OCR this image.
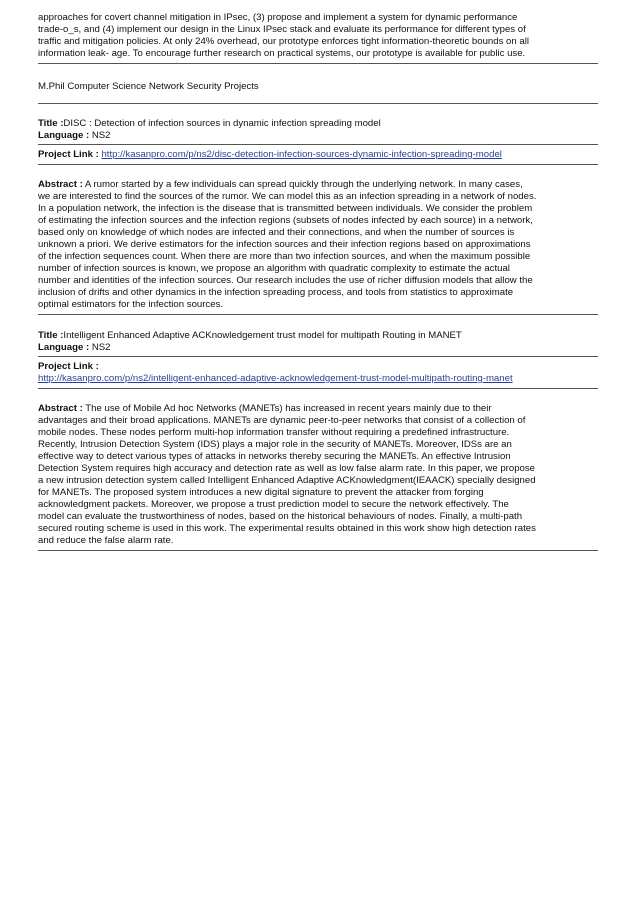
approaches for covert channel mitigation in IPsec, (3) propose and implement a system for dynamic performance
trade-o_s, and (4) implement our design in the Linux IPsec stack and evaluate its performance for different types of
traffic and mitigation policies. At only 24% overhead, our prototype enforces tight information-theoretic bounds on all
information leak- age. To encourage further research on practical systems, our prototype is available for public use.

M.Phil Computer Science Network Security Projects

Title :DISC : Detection of infection sources in dynamic infection spreading model
Language : NS2
Project Link : http://kasanpro.com/p/ns2/disc-detection-infection-sources-dynamic-infection-spreading-model

Abstract : A rumor started by a few individuals can spread quickly through the underlying network. In many cases,
we are interested to find the sources of the rumor. We can model this as an infection spreading in a network of nodes.
In a population network, the infection is the disease that is transmitted between individuals. We consider the problem
of estimating the infection sources and the infection regions (subsets of nodes infected by each source) in a network,
based only on knowledge of which nodes are infected and their connections, and when the number of sources is
unknown a priori. We derive estimators for the infection sources and their infection regions based on approximations
of the infection sequences count. When there are more than two infection sources, and when the maximum possible
number of infection sources is known, we propose an algorithm with quadratic complexity to estimate the actual
number and identities of the infection sources. Our research includes the use of richer diffusion models that allow the
inclusion of drifts and other dynamics in the infection spreading process, and tools from statistics to approximate
optimal estimators for the infection sources.

Title :Intelligent Enhanced Adaptive ACKnowledgement trust model for multipath Routing in MANET
Language : NS2
Project Link :
http://kasanpro.com/p/ns2/intelligent-enhanced-adaptive-acknowledgement-trust-model-multipath-routing-manet

Abstract : The use of Mobile Ad hoc Networks (MANETs) has increased in recent years mainly due to their
advantages and their broad applications. MANETs are dynamic peer-to-peer networks that consist of a collection of
mobile nodes. These nodes perform multi-hop information transfer without requiring a predefined infrastructure.
Recently, Intrusion Detection System (IDS) plays a major role in the security of MANETs. Moreover, IDSs are an
effective way to detect various types of attacks in networks thereby securing the MANETs. An effective Intrusion
Detection System requires high accuracy and detection rate as well as low false alarm rate. In this paper, we propose
a new intrusion detection system called Intelligent Enhanced Adaptive ACKnowledgment(IEAACK) specially designed
for MANETs. The proposed system introduces a new digital signature to prevent the attacker from forging
acknowledgment packets. Moreover, we propose a trust prediction model to secure the network effectively. The
model can evaluate the trustworthiness of nodes, based on the historical behaviours of nodes. Finally, a multi-path
secured routing scheme is used in this work. The experimental results obtained in this work show high detection rates
and reduce the false alarm rate.
